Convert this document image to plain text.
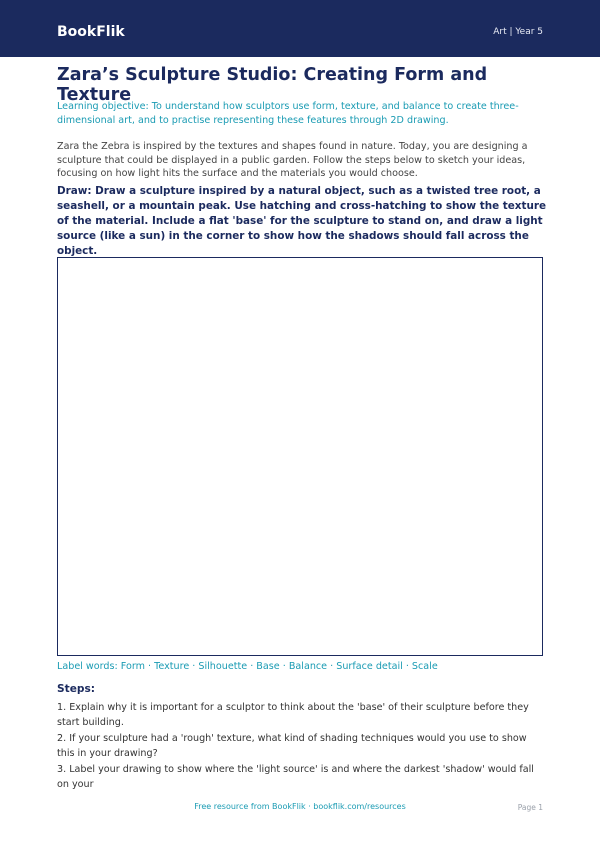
BookFlik	Art | Year 5
Zara’s Sculpture Studio: Creating Form and Texture

Learning objective: To understand how sculptors use form, texture, and balance to create three-dimensional art, and to practise representing these features through 2D drawing.

Zara the Zebra is inspired by the textures and shapes found in nature. Today, you are designing a sculpture that could be displayed in a public garden. Follow the steps below to sketch your ideas, focusing on how light hits the surface and the materials you would choose.

Draw: Draw a sculpture inspired by a natural object, such as a twisted tree root, a seashell, or a mountain peak. Use hatching and cross-hatching to show the texture of the material. Include a flat 'base' for the sculpture to stand on, and draw a light source (like a sun) in the corner to show how the shadows should fall across the object.

Label words: Form · Texture · Silhouette · Base · Balance · Surface detail · Scale
Steps:
1. Explain why it is important for a sculptor to think about the 'base' of their sculpture before they start building.
2. If your sculpture had a 'rough' texture, what kind of shading techniques would you use to show this in your drawing?
3. Label your drawing to show where the 'light source' is and where the darkest 'shadow' would fall on your
Free resource from BookFlik · bookflik.com/resources	Page 1
